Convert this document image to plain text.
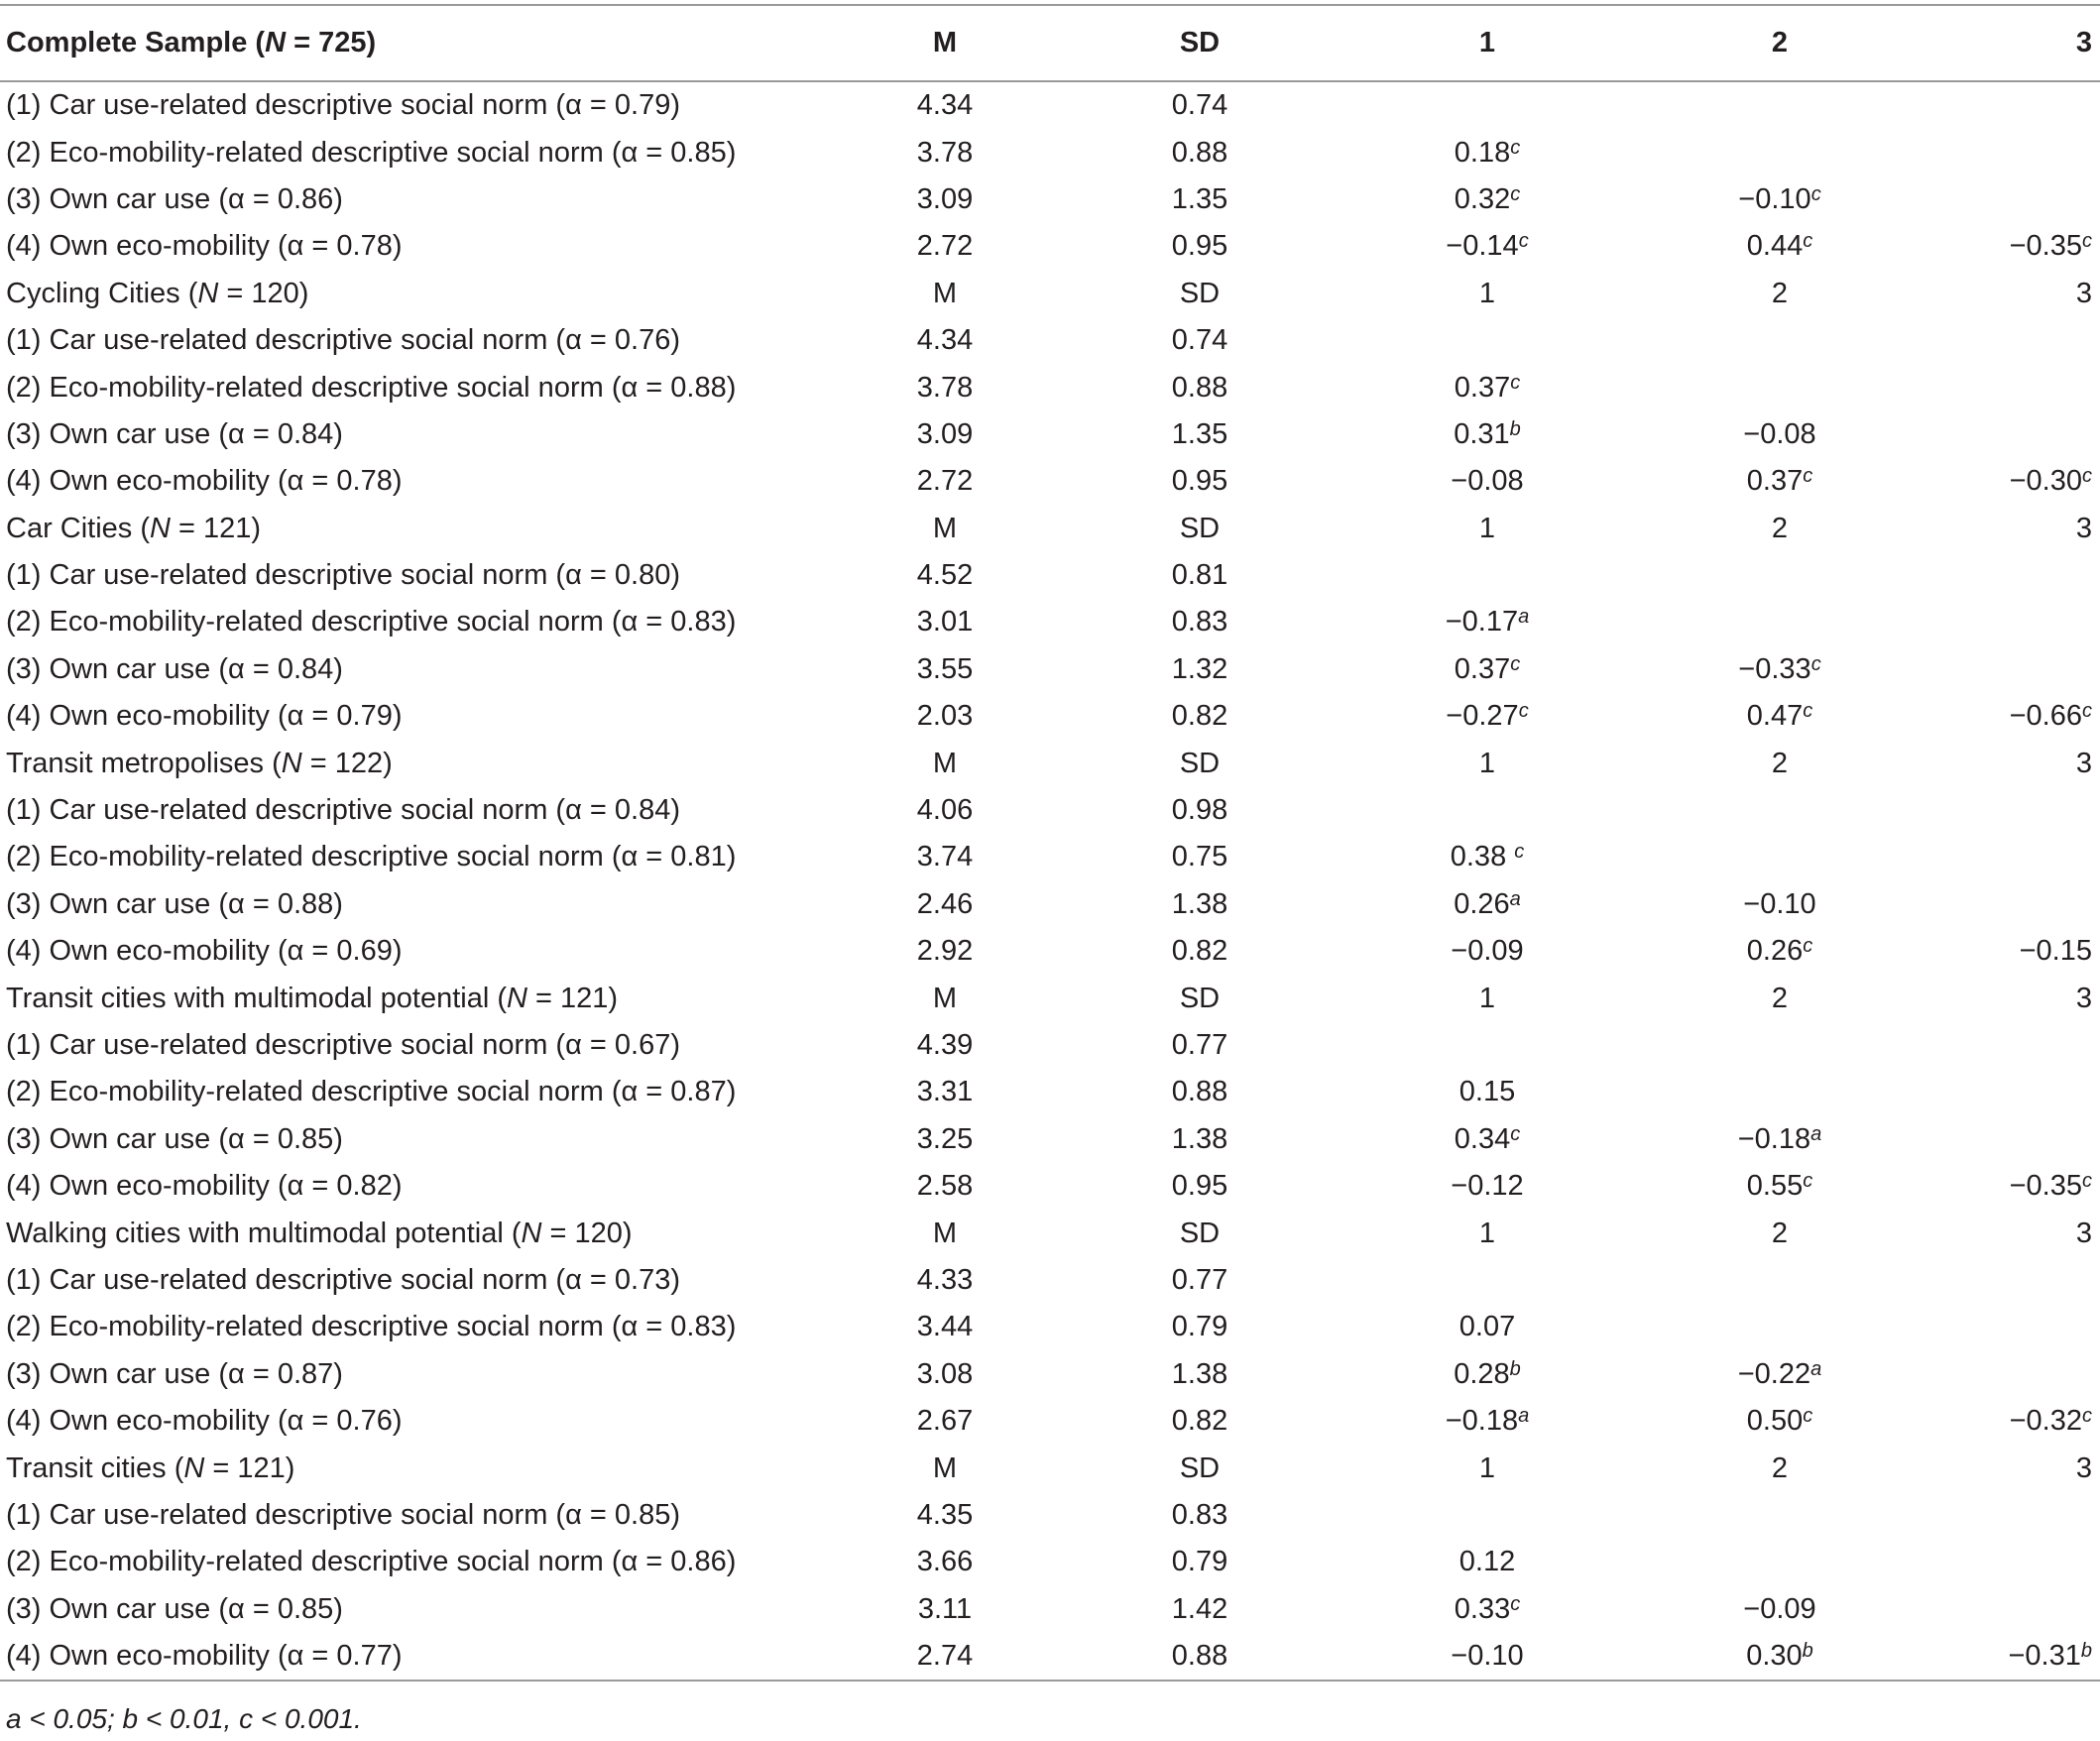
Complete Sample (N = 725)	M	SD	1	2	3
(1) Car use-related descriptive social norm (α = 0.79)	4.34	0.74			
(2) Eco-mobility-related descriptive social norm (α = 0.85)	3.78	0.88	0.18$^c$		
(3) Own car use (α = 0.86)	3.09	1.35	0.32$^c$	−0.10$^c$	
(4) Own eco-mobility (α = 0.78)	2.72	0.95	−0.14$^c$	0.44$^c$	−0.35$^c$
Cycling Cities (N = 120)	M	SD	1	2	3
(1) Car use-related descriptive social norm (α = 0.76)	4.34	0.74			
(2) Eco-mobility-related descriptive social norm (α = 0.88)	3.78	0.88	0.37$^c$		
(3) Own car use (α = 0.84)	3.09	1.35	0.31$^b$	−0.08	
(4) Own eco-mobility (α = 0.78)	2.72	0.95	−0.08	0.37$^c$	−0.30$^c$
Car Cities (N = 121)	M	SD	1	2	3
(1) Car use-related descriptive social norm (α = 0.80)	4.52	0.81			
(2) Eco-mobility-related descriptive social norm (α = 0.83)	3.01	0.83	−0.17$^a$		
(3) Own car use (α = 0.84)	3.55	1.32	0.37$^c$	−0.33$^c$	
(4) Own eco-mobility (α = 0.79)	2.03	0.82	−0.27$^c$	0.47$^c$	−0.66$^c$
Transit metropolises (N = 122)	M	SD	1	2	3
(1) Car use-related descriptive social norm (α = 0.84)	4.06	0.98			
(2) Eco-mobility-related descriptive social norm (α = 0.81)	3.74	0.75	0.38 $^c$		
(3) Own car use (α = 0.88)	2.46	1.38	0.26$^a$	−0.10	
(4) Own eco-mobility (α = 0.69)	2.92	0.82	−0.09	0.26$^c$	−0.15
Transit cities with multimodal potential (N = 121)	M	SD	1	2	3
(1) Car use-related descriptive social norm (α = 0.67)	4.39	0.77			
(2) Eco-mobility-related descriptive social norm (α = 0.87)	3.31	0.88	0.15		
(3) Own car use (α = 0.85)	3.25	1.38	0.34$^c$	−0.18$^a$	
(4) Own eco-mobility (α = 0.82)	2.58	0.95	−0.12	0.55$^c$	−0.35$^c$
Walking cities with multimodal potential (N = 120)	M	SD	1	2	3
(1) Car use-related descriptive social norm (α = 0.73)	4.33	0.77			
(2) Eco-mobility-related descriptive social norm (α = 0.83)	3.44	0.79	0.07		
(3) Own car use (α = 0.87)	3.08	1.38	0.28$^b$	−0.22$^a$	
(4) Own eco-mobility (α = 0.76)	2.67	0.82	−0.18$^a$	0.50$^c$	−0.32$^c$
Transit cities (N = 121)	M	SD	1	2	3
(1) Car use-related descriptive social norm (α = 0.85)	4.35	0.83			
(2) Eco-mobility-related descriptive social norm (α = 0.86)	3.66	0.79	0.12		
(3) Own car use (α = 0.85)	3.11	1.42	0.33$^c$	−0.09	
(4) Own eco-mobility (α = 0.77)	2.74	0.88	−0.10	0.30$^b$	−0.31$^b$
a < 0.05; b < 0.01, c < 0.001.
